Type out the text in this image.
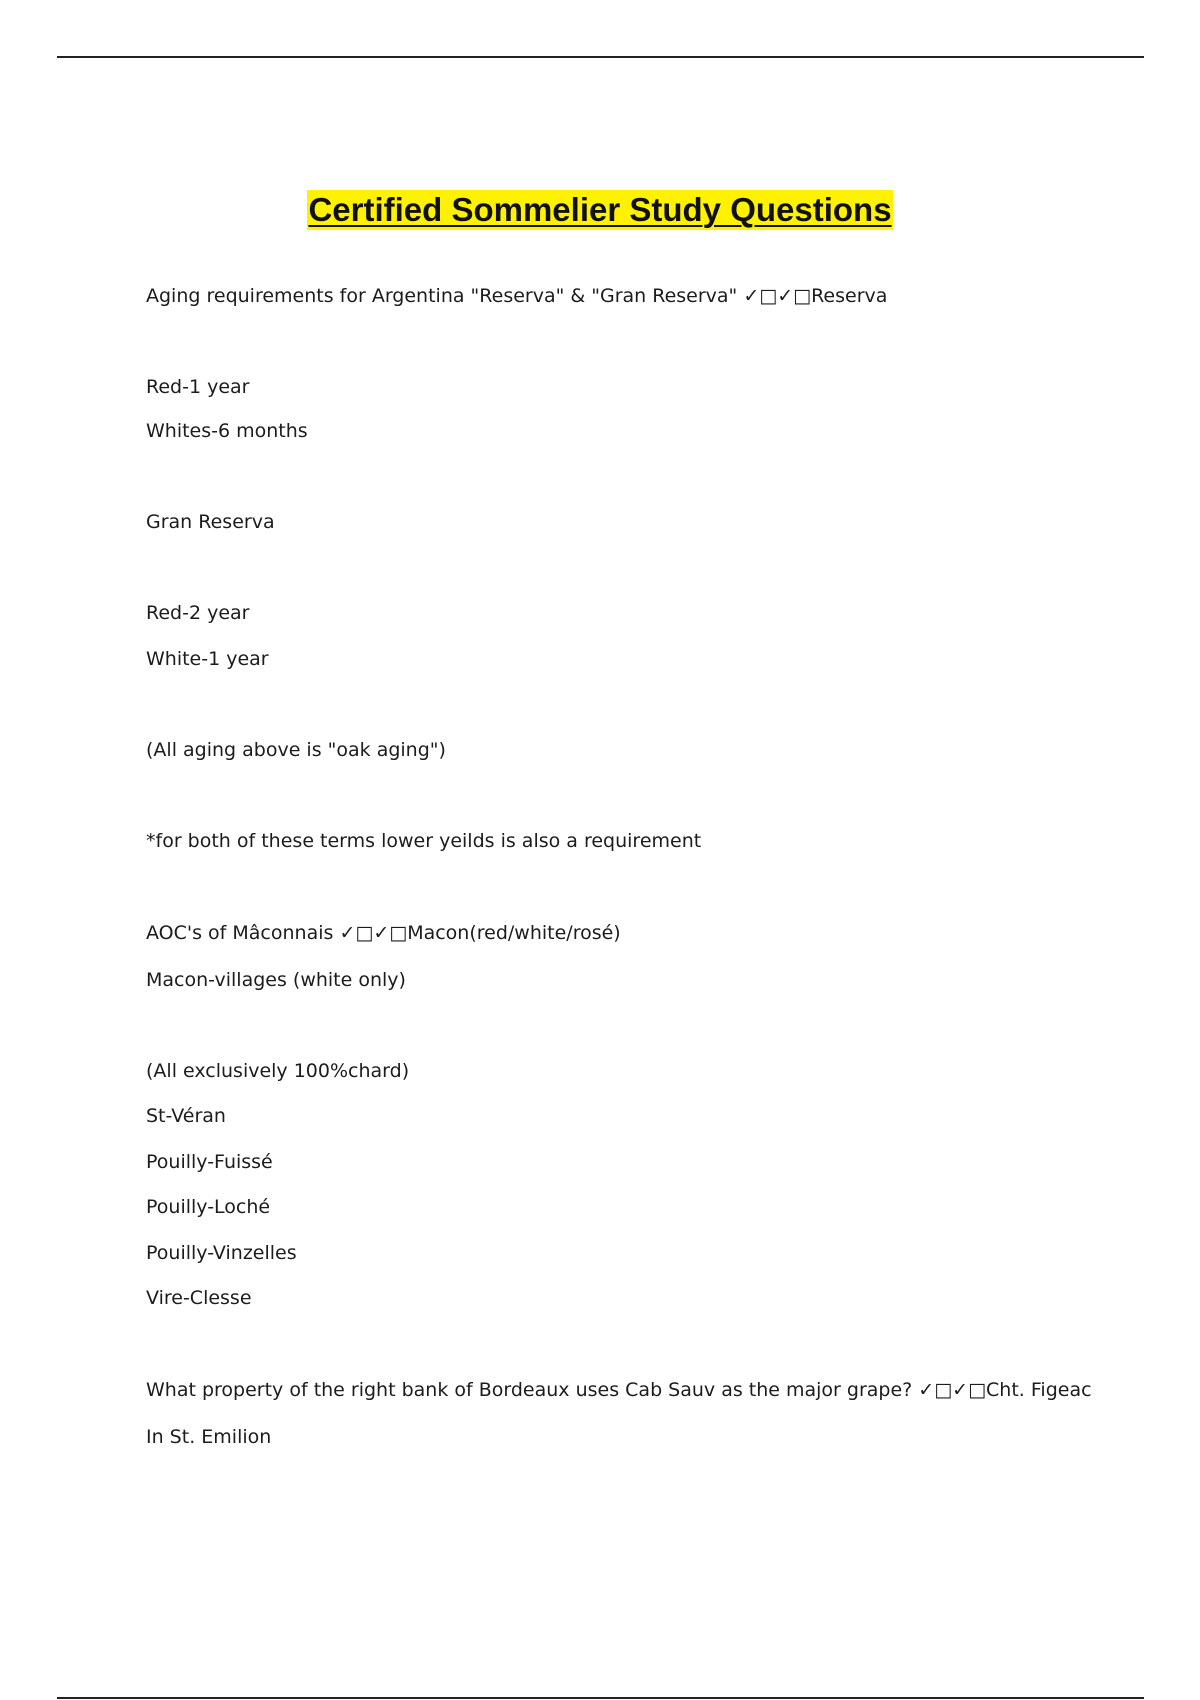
Certified Sommelier Study Questions
Aging requirements for Argentina "Reserva" & "Gran Reserva" ✓□✓□Reserva
Red-1 year
Whites-6 months
Gran Reserva
Red-2 year
White-1 year
(All aging above is "oak aging")
*for both of these terms lower yeilds is also a requirement
AOC's of Mâconnais ✓□✓□Macon(red/white/rosé)
Macon-villages (white only)
(All exclusively 100%chard)
St-Véran
Pouilly-Fuissé
Pouilly-Loché
Pouilly-Vinzelles
Vire-Clesse
What property of the right bank of Bordeaux uses Cab Sauv as the major grape? ✓□✓□Cht. Figeac
In St. Emilion
